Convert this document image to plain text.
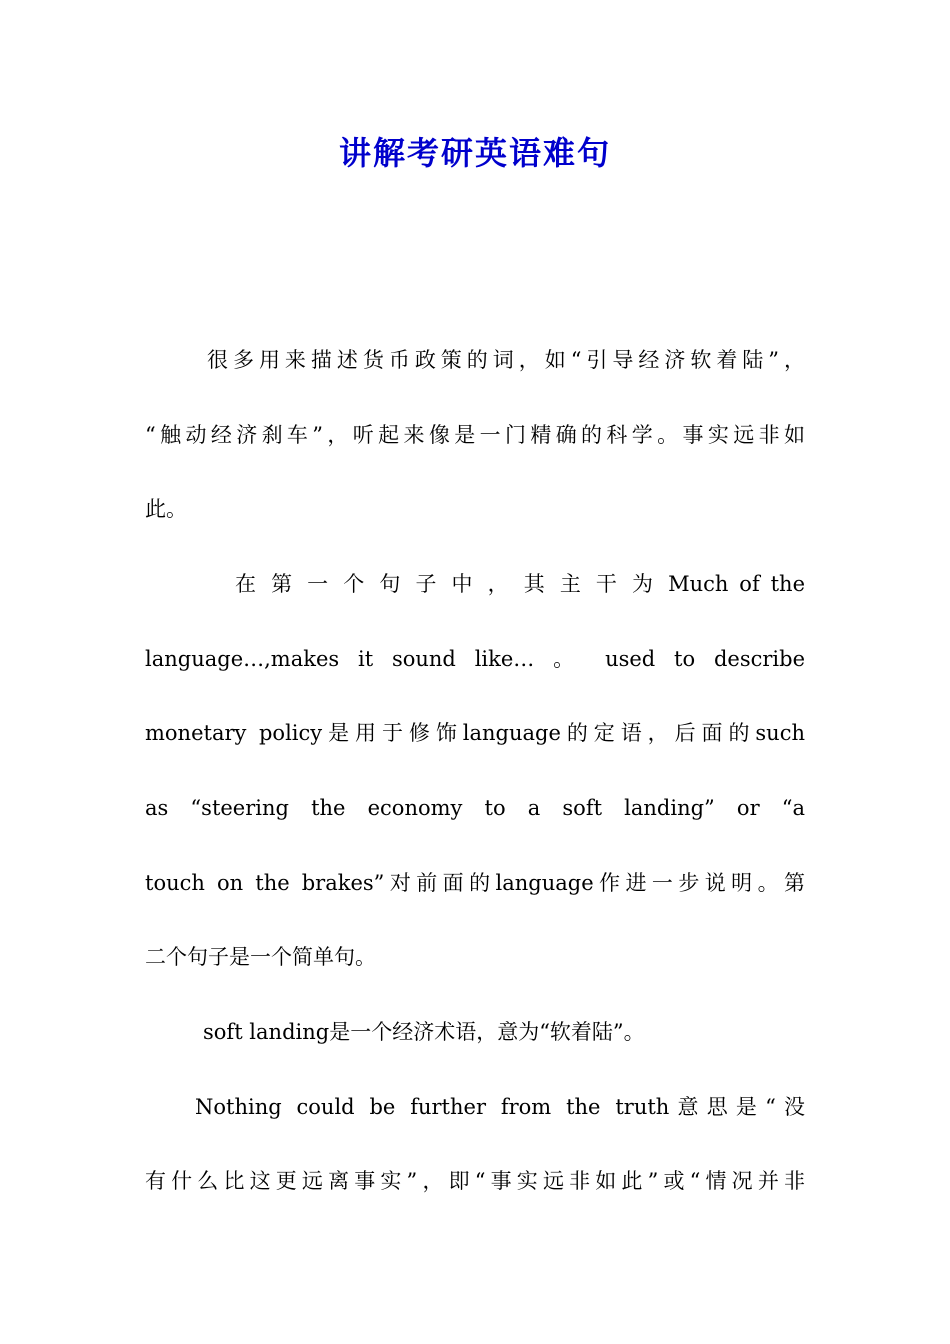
讲解考研英语难句
很多用来描述货币政策的词，如“引导经济软着陆”，
“触动经济刹车”，听起来像是一门精确的科学。事实远非如
此。
在 第 一 个 句 子 中 ， 其 主 干 为 Much of the
language…,makes it sound like… 。 used to describe
monetary policy是用于修饰language的定语，后面的such
as “steering the economy to a soft landing” or “a
touch on the brakes”对前面的language作进一步说明。第
二个句子是一个简单句。
soft landing是一个经济术语，意为“软着陆”。
Nothing could be further from the truth意思是“没
有什么比这更远离事实”，即“事实远非如此”或“情况并非
